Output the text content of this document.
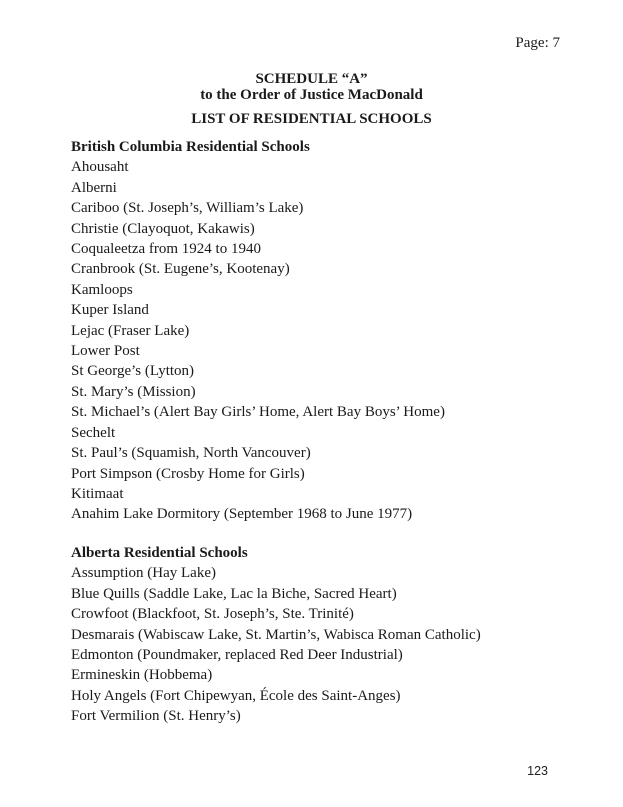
Page: 7
SCHEDULE “A”
to the Order of Justice MacDonald
LIST OF RESIDENTIAL SCHOOLS
British Columbia Residential Schools
Ahousaht
Alberni
Cariboo (St. Joseph’s, William’s Lake)
Christie (Clayoquot, Kakawis)
Coqualeetza from 1924 to 1940
Cranbrook (St. Eugene’s, Kootenay)
Kamloops
Kuper Island
Lejac (Fraser Lake)
Lower Post
St George’s (Lytton)
St. Mary’s (Mission)
St. Michael’s (Alert Bay Girls’ Home, Alert Bay Boys’ Home)
Sechelt
St. Paul’s (Squamish, North Vancouver)
Port Simpson (Crosby Home for Girls)
Kitimaat
Anahim Lake Dormitory (September 1968 to June 1977)
Alberta Residential Schools
Assumption (Hay Lake)
Blue Quills (Saddle Lake, Lac la Biche, Sacred Heart)
Crowfoot (Blackfoot, St. Joseph’s, Ste. Trinité)
Desmarais (Wabiscaw Lake, St. Martin’s, Wabisca Roman Catholic)
Edmonton (Poundmaker, replaced Red Deer Industrial)
Ermineskin (Hobbema)
Holy Angels (Fort Chipewyan, École des Saint-Anges)
Fort Vermilion (St. Henry’s)
123
